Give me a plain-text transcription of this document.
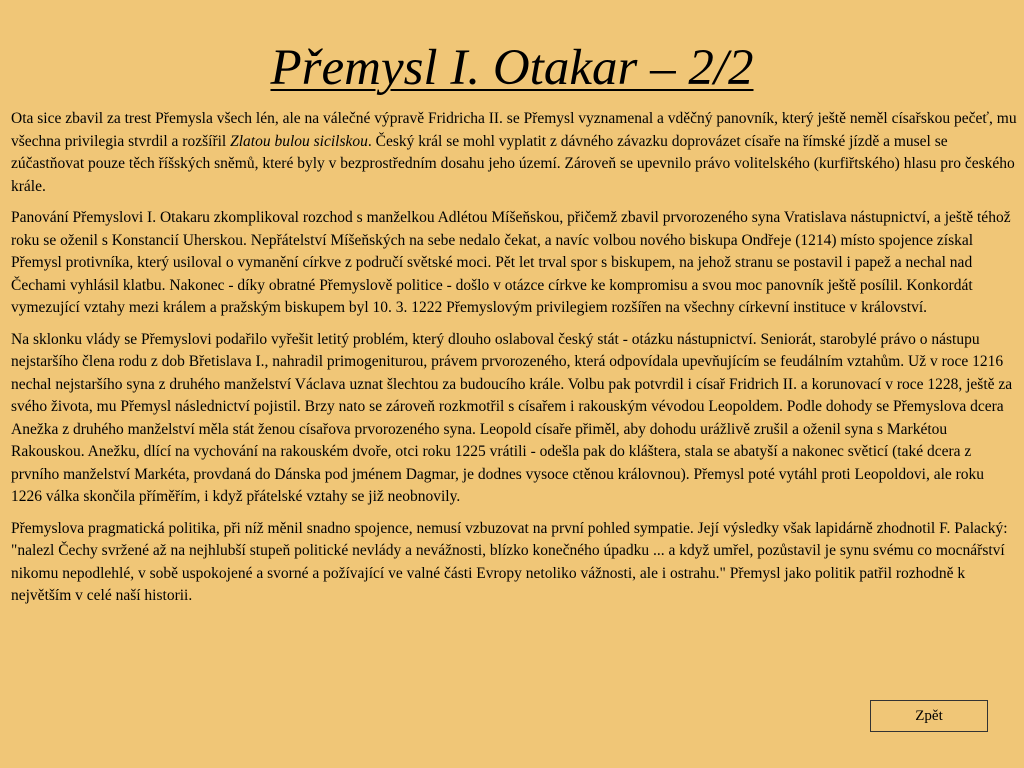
Přemysl I. Otakar – 2/2

Ota sice zbavil za trest Přemysla všech lén, ale na válečné výpravě Fridricha II. se Přemysl vyznamenal a vděčný panovník, který ještě neměl císařskou pečeť, mu všechna privilegia stvrdil a rozšířil Zlatou bulou sicilskou. Český král se mohl vyplatit z dávného závazku doprovázet císaře na římské jízdě a musel se zúčastňovat pouze těch říšských sněmů, které byly v bezprostředním dosahu jeho území. Zároveň se upevnilo právo volitelského (kurfiřtského) hlasu pro českého krále.

Panování Přemyslovi I. Otakaru zkomplikoval rozchod s manželkou Adlétou Míšeňskou, přičemž zbavil prvorozeného syna Vratislava nástupnictví, a ještě téhož roku se oženil s Konstancií Uherskou. Nepřátelství Míšeňských na sebe nedalo čekat, a navíc volbou nového biskupa Ondřeje (1214) místo spojence získal Přemysl protivníka, který usiloval o vymanění církve z područí světské moci. Pět let trval spor s biskupem, na jehož stranu se postavil i papež a nechal nad Čechami vyhlásil klatbu. Nakonec - díky obratné Přemyslově politice - došlo v otázce církve ke kompromisu a svou moc panovník ještě posílil. Konkordát vymezující vztahy mezi králem a pražským biskupem byl 10. 3. 1222 Přemyslovým privilegiem rozšířen na všechny církevní instituce v království.

Na sklonku vlády se Přemyslovi podařilo vyřešit letitý problém, který dlouho oslaboval český stát - otázku nástupnictví. Seniorát, starobylé právo o nástupu nejstaršího člena rodu z dob Břetislava I., nahradil primogeniturou, právem prvorozeného, která odpovídala upevňujícím se feudálním vztahům. Už v roce 1216 nechal nejstaršího syna z druhého manželství Václava uznat šlechtou za budoucího krále. Volbu pak potvrdil i císař Fridrich II. a korunovací v roce 1228, ještě za svého života, mu Přemysl následnictví pojistil. Brzy nato se zároveň rozkmotřil s císařem i rakouským vévodou Leopoldem. Podle dohody se Přemyslova dcera Anežka z druhého manželství měla stát ženou císařova prvorozeného syna. Leopold císaře přiměl, aby dohodu urážlivě zrušil a oženil syna s Markétou Rakouskou. Anežku, dlící na vychování na rakouském dvoře, otci roku 1225 vrátili - odešla pak do kláštera, stala se abatyší a nakonec světicí (také dcera z prvního manželství Markéta, provdaná do Dánska pod jménem Dagmar, je dodnes vysoce ctěnou královnou). Přemysl poté vytáhl proti Leopoldovi, ale roku 1226 válka skončila příměřím, i když přátelské vztahy se již neobnovily.

Přemyslova pragmatická politika, při níž měnil snadno spojence, nemusí vzbuzovat na první pohled sympatie. Její výsledky však lapidárně zhodnotil F. Palacký: "nalezl Čechy svržené až na nejhlubší stupeň politické nevlády a nevážnosti, blízko konečného úpadku ... a když umřel, pozůstavil je synu svému co mocnářství nikomu nepodlehlé, v sobě uspokojené a svorné a požívající ve valné části Evropy netoliko vážnosti, ale i ostrahu." Přemysl jako politik patřil rozhodně k největším v celé naší historii.

Zpět
